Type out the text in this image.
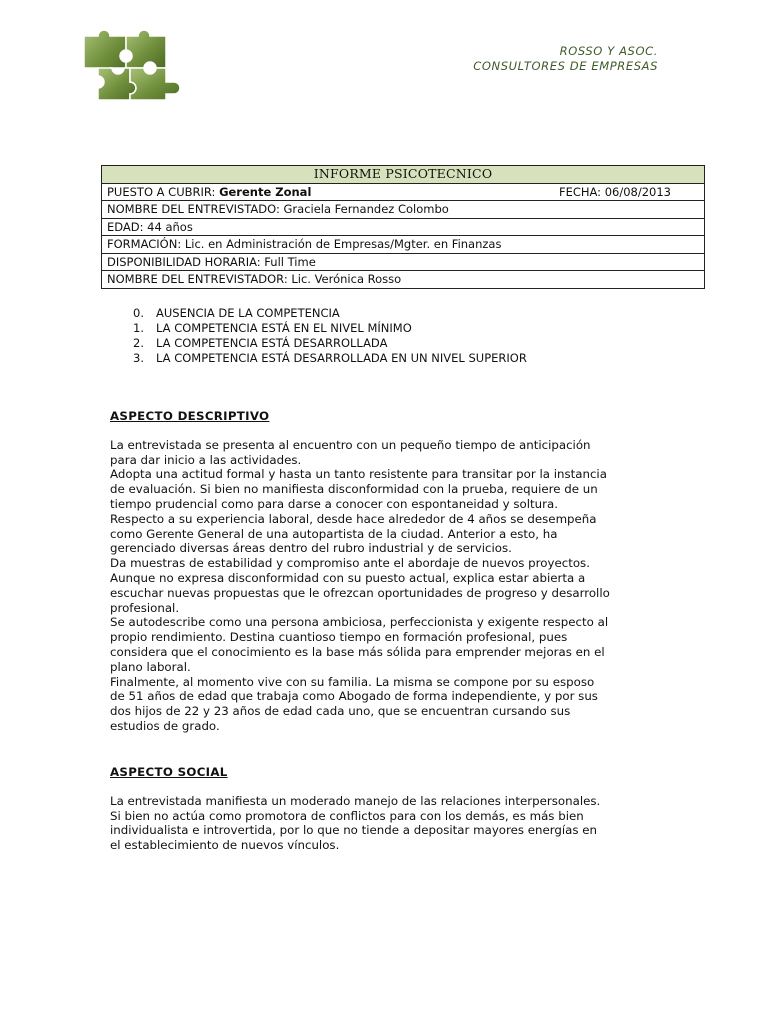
ROSSO Y ASOC.
CONSULTORES DE EMPRESAS
INFORME PSICOTECNICO

PUESTO A CUBRIR: Gerente Zonal	FECHA: 06/08/2013

NOMBRE DEL ENTREVISTADO: Graciela Fernandez Colombo
EDAD: 44 años
FORMACIÓN: Lic. en Administración de Empresas/Mgter. en Finanzas
DISPONIBILIDAD HORARIA: Full Time
NOMBRE DEL ENTREVISTADOR: Lic. Verónica Rosso
0.	AUSENCIA DE LA COMPETENCIA
1.	LA COMPETENCIA ESTÁ EN EL NIVEL MÍNIMO
2.	LA COMPETENCIA ESTÁ DESARROLLADA
3.	LA COMPETENCIA ESTÁ DESARROLLADA EN UN NIVEL SUPERIOR
ASPECTO DESCRIPTIVO

La entrevistada se presenta al encuentro con un pequeño tiempo de anticipación

para dar inicio a las actividades.

Adopta una actitud formal y hasta un tanto resistente para transitar por la instancia

de evaluación. Si bien no manifiesta disconformidad con la prueba, requiere de un

tiempo prudencial como para darse a conocer con espontaneidad y soltura.

Respecto a su experiencia laboral, desde hace alrededor de 4 años se desempeña

como Gerente General de una autopartista de la ciudad. Anterior a esto, ha

gerenciado diversas áreas dentro del rubro industrial y de servicios.

Da muestras de estabilidad y compromiso ante el abordaje de nuevos proyectos.

Aunque no expresa disconformidad con su puesto actual, explica estar abierta a

escuchar nuevas propuestas que le ofrezcan oportunidades de progreso y desarrollo

profesional.

Se autodescribe como una persona ambiciosa, perfeccionista y exigente respecto al

propio rendimiento. Destina cuantioso tiempo en formación profesional, pues

considera que el conocimiento es la base más sólida para emprender mejoras en el

plano laboral.

Finalmente, al momento vive con su familia. La misma se compone por su esposo

de 51 años de edad que trabaja como Abogado de forma independiente, y por sus

dos hijos de 22 y 23 años de edad cada uno, que se encuentran cursando sus

estudios de grado.

ASPECTO SOCIAL

La entrevistada manifiesta un moderado manejo de las relaciones interpersonales.

Si bien no actúa como promotora de conflictos para con los demás, es más bien

individualista e introvertida, por lo que no tiende a depositar mayores energías en

el establecimiento de nuevos vínculos.
